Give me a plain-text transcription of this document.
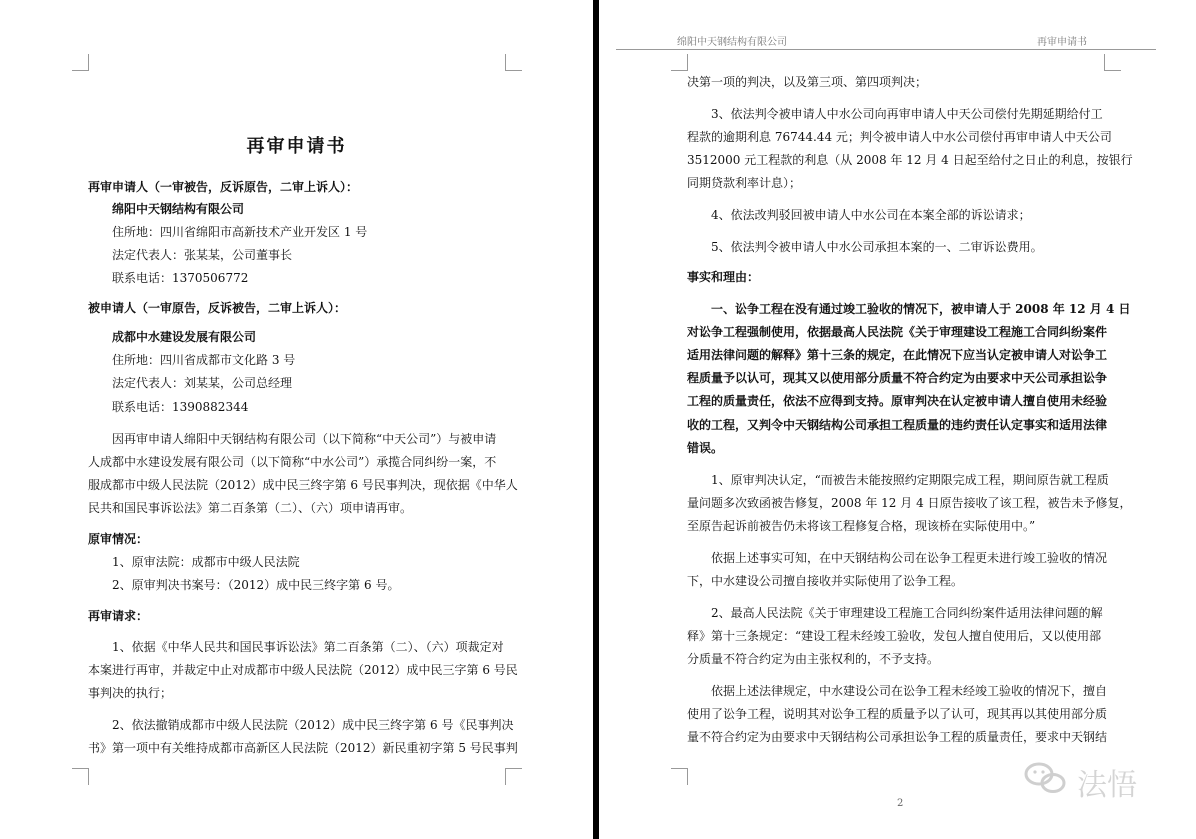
再审申请书
再审申请人（一审被告，反诉原告，二审上诉人）：
绵阳中天钢结构有限公司
住所地：四川省绵阳市高新技术产业开发区 1 号
法定代表人：张某某，公司董事长
联系电话：1370506772
被申请人（一审原告，反诉被告，二审上诉人）：
成都中水建设发展有限公司
住所地：四川省成都市文化路 3 号
法定代表人：刘某某，公司总经理
联系电话：1390882344
因再审申请人绵阳中天钢结构有限公司（以下简称“中天公司”）与被申请
人成都中水建设发展有限公司（以下简称“中水公司”）承揽合同纠纷一案，不
服成都市中级人民法院（2012）成中民三终字第 6 号民事判决，现依据《中华人
民共和国民事诉讼法》第二百条第（二）、（六）项申请再审。
原审情况：
1、原审法院：成都市中级人民法院
2、原审判决书案号：（2012）成中民三终字第 6 号。
再审请求：
1、依据《中华人民共和国民事诉讼法》第二百条第（二）、（六）项裁定对
本案进行再审，并裁定中止对成都市中级人民法院（2012）成中民三字第 6 号民
事判决的执行；
2、依法撤销成都市中级人民法院（2012）成中民三终字第 6 号《民事判决
书》第一项中有关维持成都市高新区人民法院（2012）新民重初字第 5 号民事判
绵阳中天钢结构有限公司	再审申请书
决第一项的判决，以及第三项、第四项判决；
3、依法判令被申请人中水公司向再审申请人中天公司偿付先期延期给付工
程款的逾期利息 76744.44 元；判令被申请人中水公司偿付再审申请人中天公司
3512000 元工程款的利息（从 2008 年 12 月 4 日起至给付之日止的利息，按银行
同期贷款利率计息）；
4、依法改判驳回被申请人中水公司在本案全部的诉讼请求；
5、依法判令被申请人中水公司承担本案的一、二审诉讼费用。
事实和理由：
一、讼争工程在没有通过竣工验收的情况下，被申请人于 2008 年 12 月 4 日
对讼争工程强制使用，依据最高人民法院《关于审理建设工程施工合同纠纷案件
适用法律问题的解释》第十三条的规定，在此情况下应当认定被申请人对讼争工
程质量予以认可，现其又以使用部分质量不符合约定为由要求中天公司承担讼争
工程的质量责任，依法不应得到支持。原审判决在认定被申请人擅自使用未经验
收的工程，又判令中天钢结构公司承担工程质量的违约责任认定事实和适用法律
错误。
1、原审判决认定，“而被告未能按照约定期限完成工程，期间原告就工程质
量问题多次致函被告修复，2008 年 12 月 4 日原告接收了该工程，被告未予修复，
至原告起诉前被告仍未将该工程修复合格，现该桥在实际使用中。”
依据上述事实可知，在中天钢结构公司在讼争工程更未进行竣工验收的情况
下，中水建设公司擅自接收并实际使用了讼争工程。
2、最高人民法院《关于审理建设工程施工合同纠纷案件适用法律问题的解
释》第十三条规定：“建设工程未经竣工验收，发包人擅自使用后，又以使用部
分质量不符合约定为由主张权利的，不予支持。
依据上述法律规定，中水建设公司在讼争工程未经竣工验收的情况下，擅自
使用了讼争工程，说明其对讼争工程的质量予以了认可，现其再以其使用部分质
量不符合约定为由要求中天钢结构公司承担讼争工程的质量责任，要求中天钢结
2
法悟
